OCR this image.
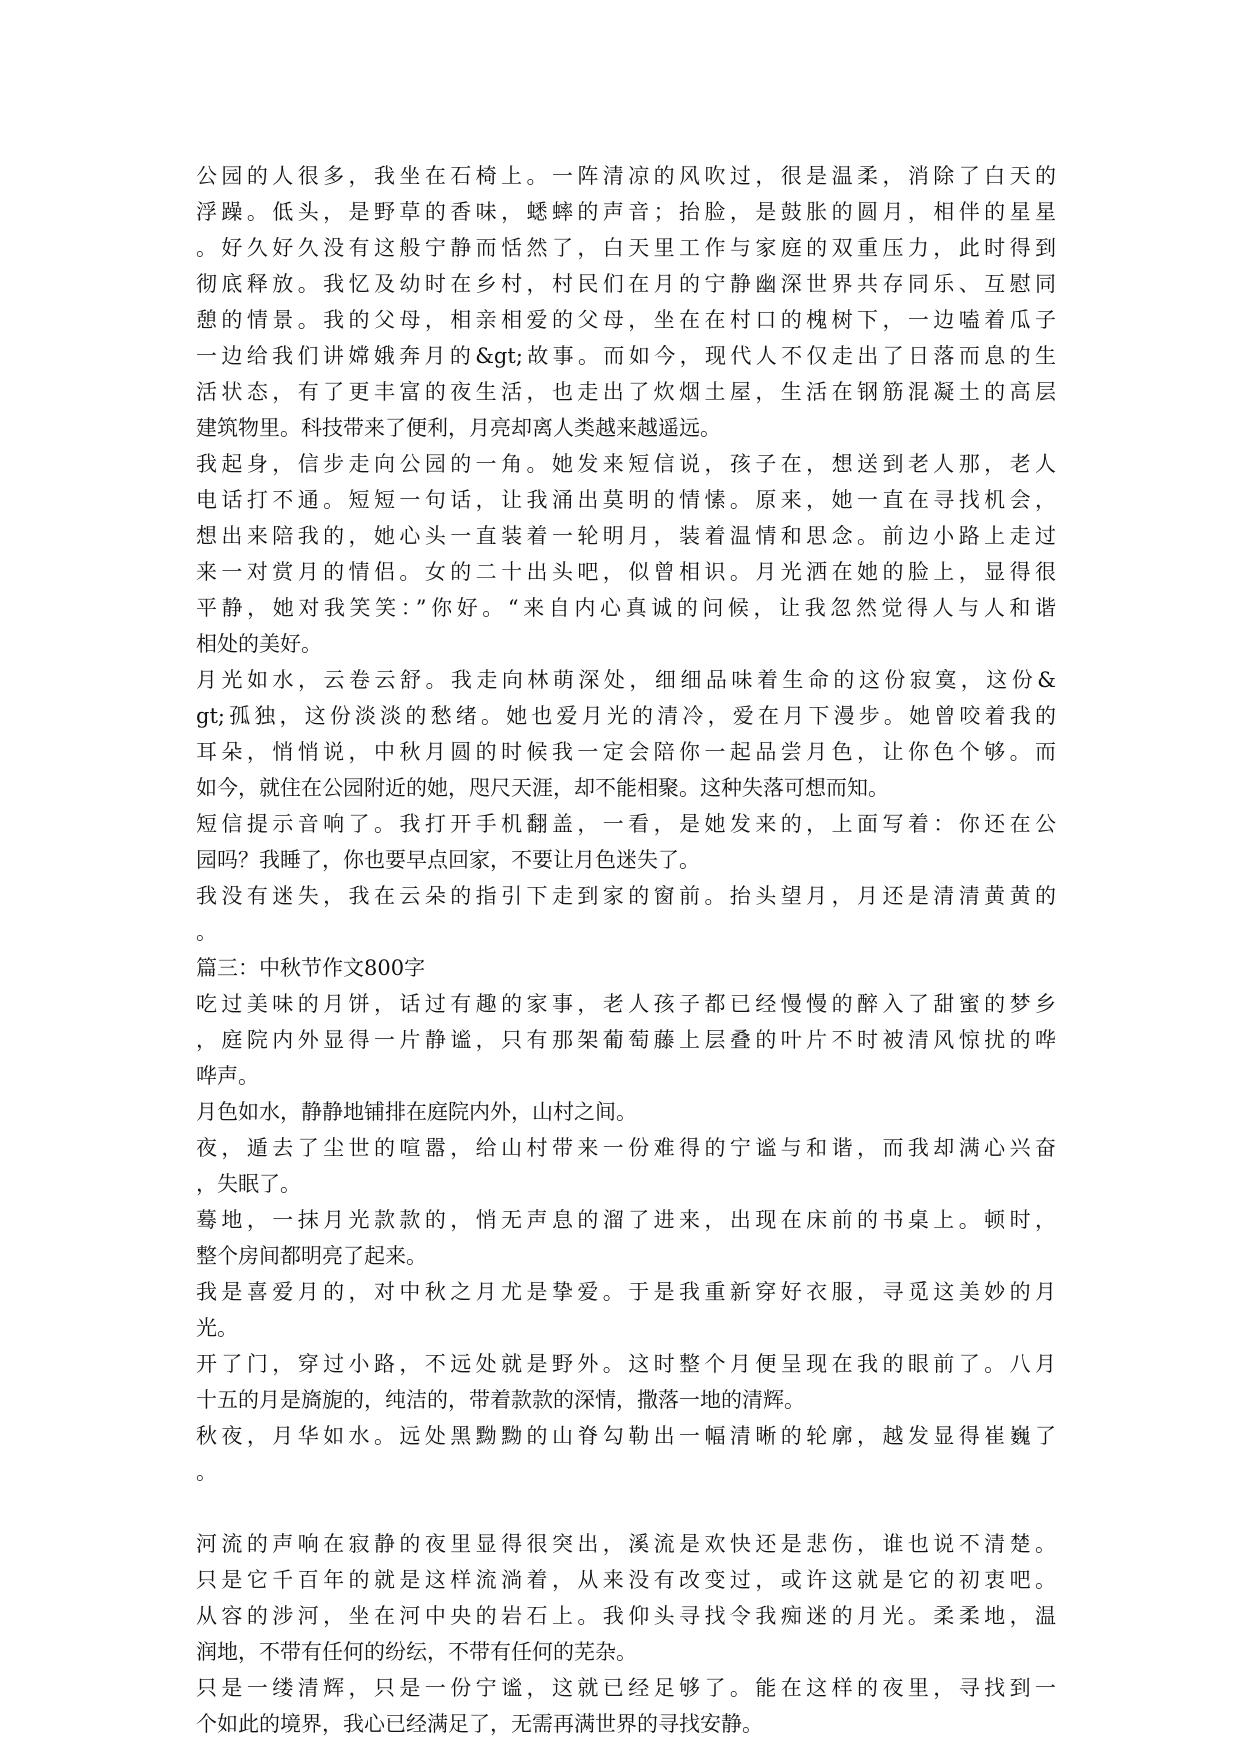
公园的人很多，我坐在石椅上。一阵清凉的风吹过，很是温柔，消除了白天的
浮躁。低头，是野草的香味，蟋蟀的声音；抬脸，是鼓胀的圆月，相伴的星星
。好久好久没有这般宁静而恬然了，白天里工作与家庭的双重压力，此时得到
彻底释放。我忆及幼时在乡村，村民们在月的宁静幽深世界共存同乐、互慰同
憩的情景。我的父母，相亲相爱的父母，坐在在村口的槐树下，一边嗑着瓜子
一边给我们讲嫦娥奔月的&gt;故事。而如今，现代人不仅走出了日落而息的生
活状态，有了更丰富的夜生活，也走出了炊烟土屋，生活在钢筋混凝土的高层
建筑物里。科技带来了便利，月亮却离人类越来越遥远。
我起身，信步走向公园的一角。她发来短信说，孩子在，想送到老人那，老人
电话打不通。短短一句话，让我涌出莫明的情愫。原来，她一直在寻找机会，
想出来陪我的，她心头一直装着一轮明月，装着温情和思念。前边小路上走过
来一对赏月的情侣。女的二十出头吧，似曾相识。月光洒在她的脸上，显得很
平静，她对我笑笑：”你好。“来自内心真诚的问候，让我忽然觉得人与人和谐
相处的美好。
月光如水，云卷云舒。我走向林萌深处，细细品味着生命的这份寂寞，这份&
gt;孤独，这份淡淡的愁绪。她也爱月光的清冷，爱在月下漫步。她曾咬着我的
耳朵，悄悄说，中秋月圆的时候我一定会陪你一起品尝月色，让你色个够。而
如今，就住在公园附近的她，咫尺天涯，却不能相聚。这种失落可想而知。
短信提示音响了。我打开手机翻盖，一看，是她发来的，上面写着：你还在公
园吗？我睡了，你也要早点回家，不要让月色迷失了。
我没有迷失，我在云朵的指引下走到家的窗前。抬头望月，月还是清清黄黄的
。
篇三：中秋节作文800字
吃过美味的月饼，话过有趣的家事，老人孩子都已经慢慢的醉入了甜蜜的梦乡
，庭院内外显得一片静谧，只有那架葡萄藤上层叠的叶片不时被清风惊扰的哗
哗声。
月色如水，静静地铺排在庭院内外，山村之间。
夜，遁去了尘世的喧嚣，给山村带来一份难得的宁谧与和谐，而我却满心兴奋
，失眠了。
蓦地，一抹月光款款的，悄无声息的溜了进来，出现在床前的书桌上。顿时，
整个房间都明亮了起来。
我是喜爱月的，对中秋之月尤是挚爱。于是我重新穿好衣服，寻觅这美妙的月
光。
开了门，穿过小路，不远处就是野外。这时整个月便呈现在我的眼前了。八月
十五的月是旖旎的，纯洁的，带着款款的深情，撒落一地的清辉。
秋夜，月华如水。远处黑黝黝的山脊勾勒出一幅清晰的轮廓，越发显得崔巍了
。
河流的声响在寂静的夜里显得很突出，溪流是欢快还是悲伤，谁也说不清楚。
只是它千百年的就是这样流淌着，从来没有改变过，或许这就是它的初衷吧。
从容的涉河，坐在河中央的岩石上。我仰头寻找令我痴迷的月光。柔柔地，温
润地，不带有任何的纷纭，不带有任何的芜杂。
只是一缕清辉，只是一份宁谧，这就已经足够了。能在这样的夜里，寻找到一
个如此的境界，我心已经满足了，无需再满世界的寻找安静。
